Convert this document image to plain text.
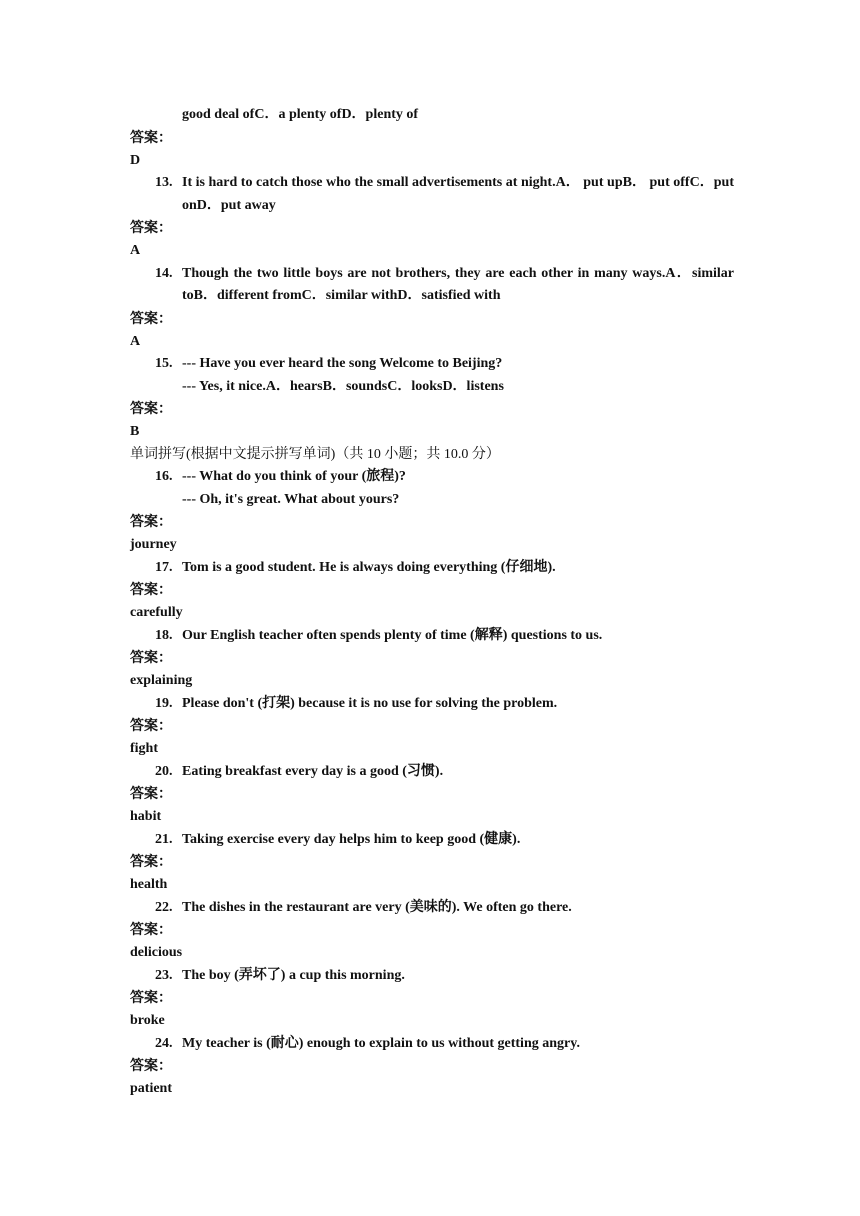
good deal ofC．a plenty ofD．plenty of
答案：
D
13. It is hard to catch those who the small advertisements at night.A． put upB． put offC．put onD．put away
答案：
A
14. Though the two little boys are not brothers, they are each other in many ways.A．similar toB．different fromC．similar withD．satisfied with
答案：
A
15. --- Have you ever heard the song Welcome to Beijing?
--- Yes, it nice.A．hearsB．soundsC．looksD．listens
答案：
B
单词拼写(根据中文提示拼写单词)（共 10 小题；共 10.0 分）
16. --- What do you think of your (旅程)?
--- Oh, it's great. What about yours?
答案：
journey
17. Tom is a good student. He is always doing everything (仔细地).
答案：
carefully
18. Our English teacher often spends plenty of time (解释) questions to us.
答案：
explaining
19. Please don't (打架) because it is no use for solving the problem.
答案：
fight
20. Eating breakfast every day is a good (习惯).
答案：
habit
21. Taking exercise every day helps him to keep good (健康).
答案：
health
22. The dishes in the restaurant are very (美味的). We often go there.
答案：
delicious
23. The boy (弄坏了) a cup this morning.
答案：
broke
24. My teacher is (耐心) enough to explain to us without getting angry.
答案：
patient
